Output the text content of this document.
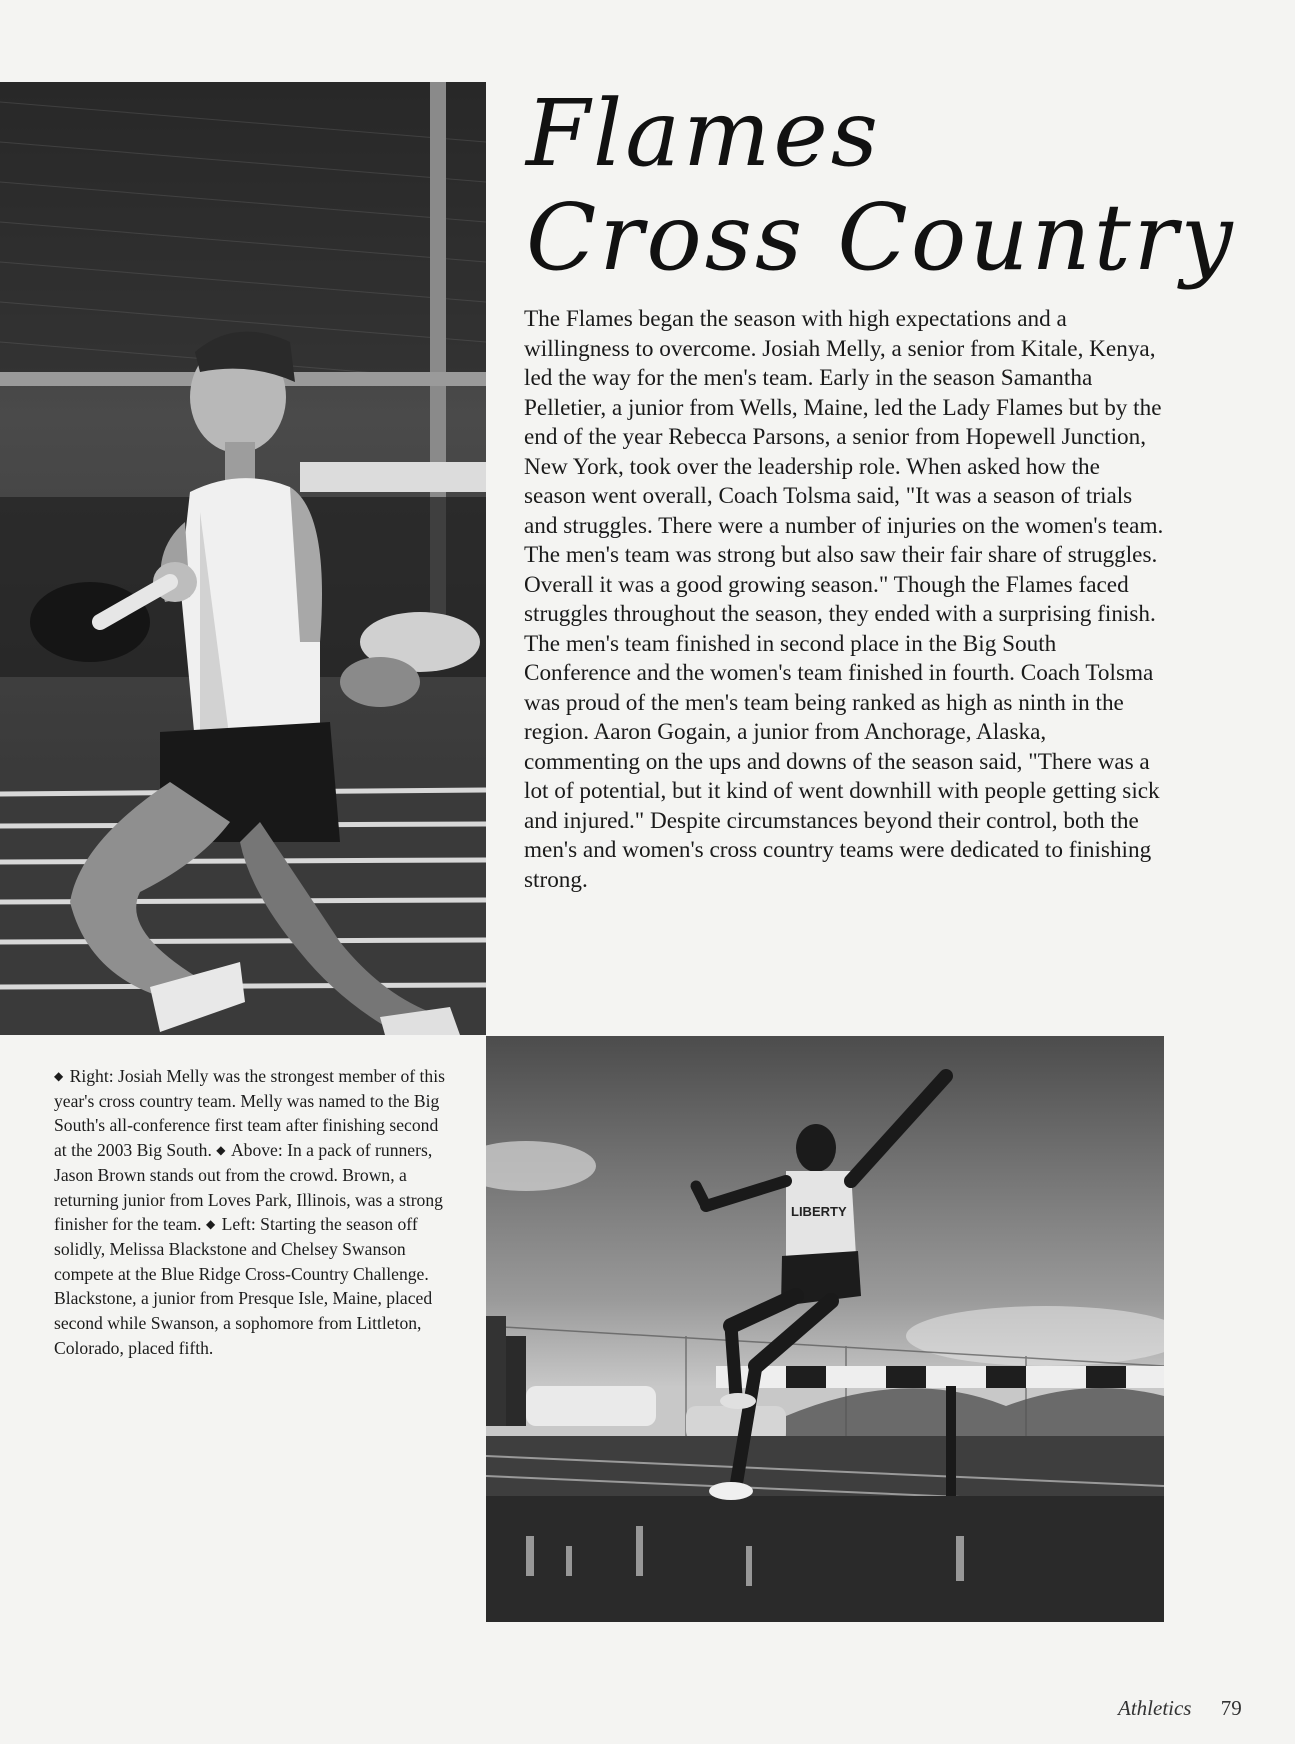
Flames
Cross Country

The Flames began the season with high expectations and a willingness to overcome. Josiah Melly, a senior from Kitale, Kenya, led the way for the men's team. Early in the season Samantha Pelletier, a junior from Wells, Maine, led the Lady Flames but by the end of the year Rebecca Parsons, a senior from Hopewell Junction, New York, took over the leadership role. When asked how the season went overall, Coach Tolsma said, "It was a season of trials and struggles. There were a number of injuries on the women's team. The men's team was strong but also saw their fair share of struggles. Overall it was a good growing season." Though the Flames faced struggles throughout the season, they ended with a surprising finish. The men's team finished in second place in the Big South Conference and the women's team finished in fourth. Coach Tolsma was proud of the men's team being ranked as high as ninth in the region. Aaron Gogain, a junior from Anchorage, Alaska, commenting on the ups and downs of the season said, "There was a lot of potential, but it kind of went downhill with people getting sick and injured." Despite circumstances beyond their control, both the men's and women's cross country teams were dedicated to finishing strong.

◆ Right: Josiah Melly was the strongest member of this year's cross country team. Melly was named to the Big South's all-conference first team after finishing second at the 2003 Big South. ◆ Above: In a pack of runners, Jason Brown stands out from the crowd. Brown, a returning junior from Loves Park, Illinois, was a strong finisher for the team. ◆ Left: Starting the season off solidly, Melissa Blackstone and Chelsey Swanson compete at the Blue Ridge Cross-Country Challenge. Blackstone, a junior from Presque Isle, Maine, placed second while Swanson, a sophomore from Littleton, Colorado, placed fifth.

LIBERTY
Athletics 79
